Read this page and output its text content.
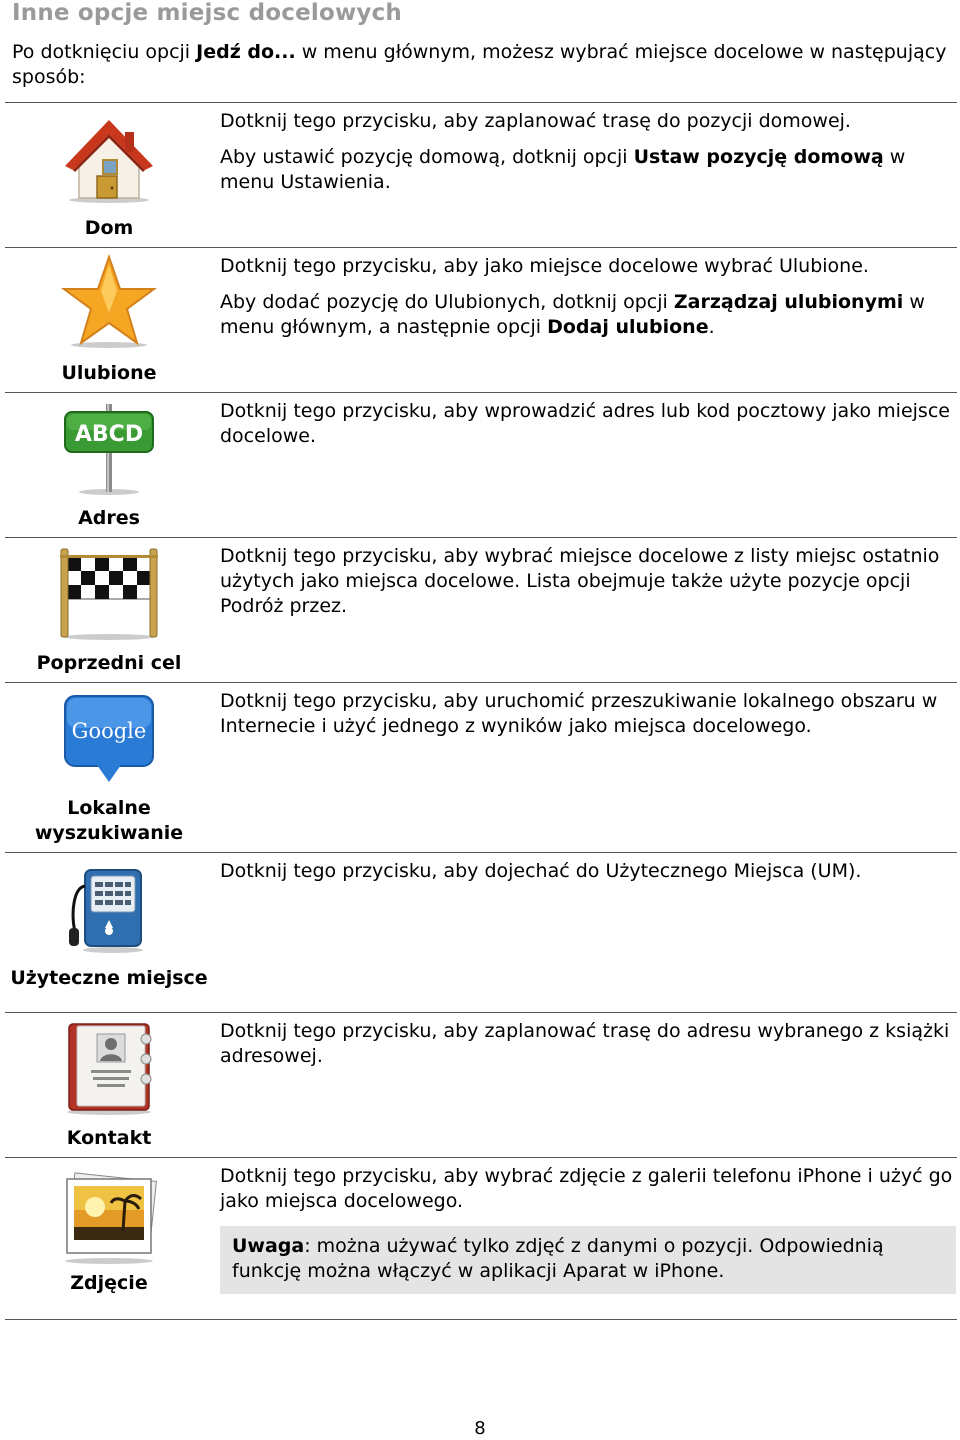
Inne opcje miejsc docelowych
Po dotknięciu opcji Jedź do... w menu głównym, możesz wybrać miejsce docelowe w następujący sposób:
Dom

Dotknij tego przycisku, aby zaplanować trasę do pozycji domowej.

Aby ustawić pozycję domową, dotknij opcji Ustaw pozycję domową w menu Ustawienia.

Ulubione

Dotknij tego przycisku, aby jako miejsce docelowe wybrać Ulubione.

Aby dodać pozycję do Ulubionych, dotknij opcji Zarządzaj ulubionymi w menu głównym, a następnie opcji Dodaj ulubione.

ABCD
Adres

Dotknij tego przycisku, aby wprowadzić adres lub kod pocztowy jako miejsce docelowe.

Poprzedni cel

Dotknij tego przycisku, aby wybrać miejsce docelowe z listy miejsc ostatnio użytych jako miejsca docelowe. Lista obejmuje także użyte pozycje opcji Podróż przez.

Google
Lokalne wyszukiwanie

Dotknij tego przycisku, aby uruchomić przeszukiwanie lokalnego obszaru w Internecie i użyć jednego z wyników jako miejsca docelowego.

Użyteczne miejsce

Dotknij tego przycisku, aby dojechać do Użytecznego Miejsca (UM).

Kontakt

Dotknij tego przycisku, aby zaplanować trasę do adresu wybranego z książki adresowej.

Zdjęcie

Dotknij tego przycisku, aby wybrać zdjęcie z galerii telefonu iPhone i użyć go jako miejsca docelowego.

Uwaga: można używać tylko zdjęć z danymi o pozycji. Odpowiednią funkcję można włączyć w aplikacji Aparat w iPhone.
8
